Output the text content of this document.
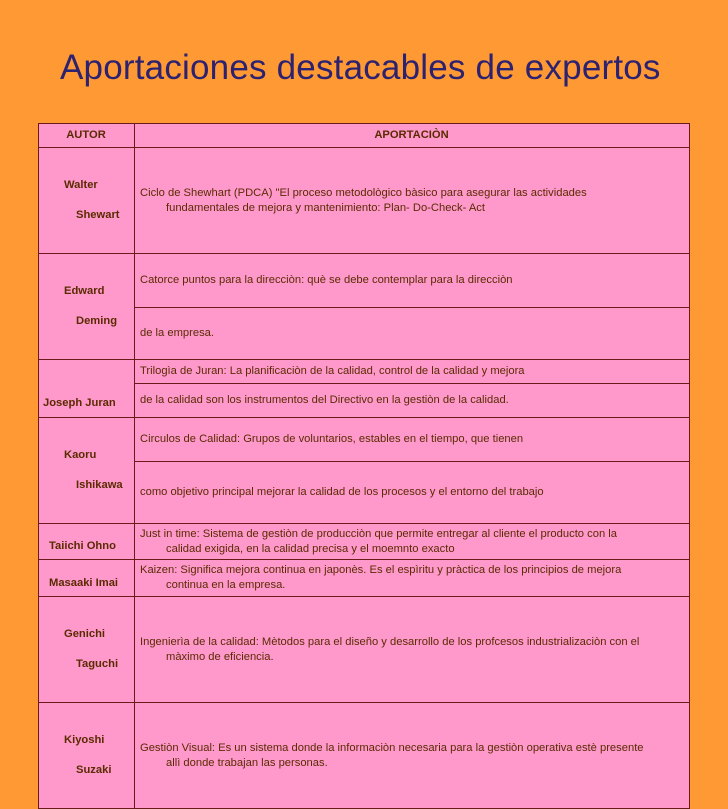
Aportaciones destacables de expertos
AUTOR	APORTACIÒN

Walter

Shewart	Ciclo de Shewhart (PDCA) "El proceso metodològico bàsico para asegurar las actividades
fundamentales de mejora y mantenimiento: Plan- Do-Check- Act

Edward

Deming	Catorce puntos para la direcciòn: què se debe contemplar para la direcciòn
	de la empresa.
Joseph Juran	Trilogìa de Juran: La planificaciòn de la calidad, control de la calidad y mejora
	de la calidad son los instrumentos del Directivo en la gestiòn de la calidad.

Kaoru

Ishikawa	Circulos de Calidad: Grupos de voluntarios, estables en el tiempo, que tienen
	como objetivo principal mejorar la calidad de los procesos y el entorno del trabajo
Taiichi Ohno	Just in time: Sistema de gestiòn de producciòn que permite entregar al cliente el producto con la
calidad exigida, en la calidad precisa y el moemnto exacto

Masaaki Imai	Kaizen: Significa mejora continua en japonès. Es el espìritu y pràctica de los principios de mejora
continua en la empresa.

Genichi

Taguchi	Ingenierìa de la calidad: Mètodos para el diseño y desarrollo de los profcesos industrializaciòn con el
màximo de eficiencia.

Kiyoshi

Suzaki	Gestiòn Visual: Es un sistema donde la informaciòn necesaria para la gestiòn operativa estè presente
allì donde trabajan las personas.
